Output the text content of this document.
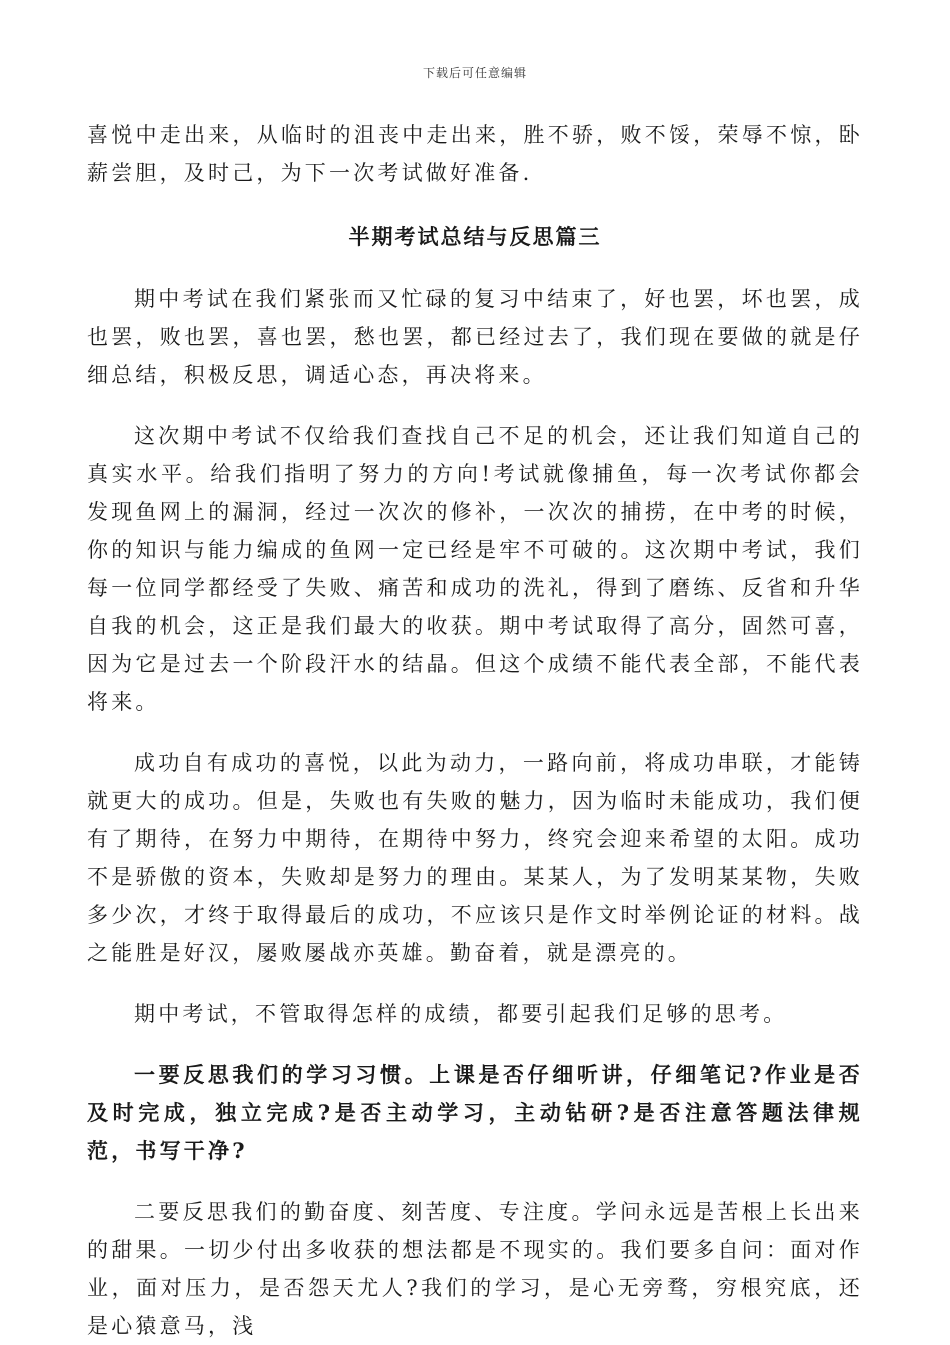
下载后可任意编辑

喜悦中走出来，从临时的沮丧中走出来，胜不骄，败不馁，荣辱不惊，卧薪尝胆，及时己，为下一次考试做好准备.

半期考试总结与反思篇三

期中考试在我们紧张而又忙碌的复习中结束了，好也罢，坏也罢，成也罢，败也罢，喜也罢，愁也罢，都已经过去了，我们现在要做的就是仔细总结，积极反思，调适心态，再决将来。

这次期中考试不仅给我们查找自己不足的机会，还让我们知道自己的真实水平。给我们指明了努力的方向!考试就像捕鱼，每一次考试你都会发现鱼网上的漏洞，经过一次次的修补，一次次的捕捞，在中考的时候，你的知识与能力编成的鱼网一定已经是牢不可破的。这次期中考试，我们每一位同学都经受了失败、痛苦和成功的洗礼，得到了磨练、反省和升华自我的机会，这正是我们最大的收获。期中考试取得了高分，固然可喜，因为它是过去一个阶段汗水的结晶。但这个成绩不能代表全部，不能代表将来。

成功自有成功的喜悦，以此为动力，一路向前，将成功串联，才能铸就更大的成功。但是，失败也有失败的魅力，因为临时未能成功，我们便有了期待，在努力中期待，在期待中努力，终究会迎来希望的太阳。成功不是骄傲的资本，失败却是努力的理由。某某人，为了发明某某物，失败多少次，才终于取得最后的成功，不应该只是作文时举例论证的材料。战之能胜是好汉，屡败屡战亦英雄。勤奋着，就是漂亮的。

期中考试，不管取得怎样的成绩，都要引起我们足够的思考。

一要反思我们的学习习惯。上课是否仔细听讲，仔细笔记?作业是否及时完成，独立完成?是否主动学习，主动钻研?是否注意答题法律规范，书写干净?

二要反思我们的勤奋度、刻苦度、专注度。学问永远是苦根上长出来的甜果。一切少付出多收获的想法都是不现实的。我们要多自问：面对作业，面对压力，是否怨天尤人?我们的学习，是心无旁骛，穷根究底，还是心猿意马，浅
